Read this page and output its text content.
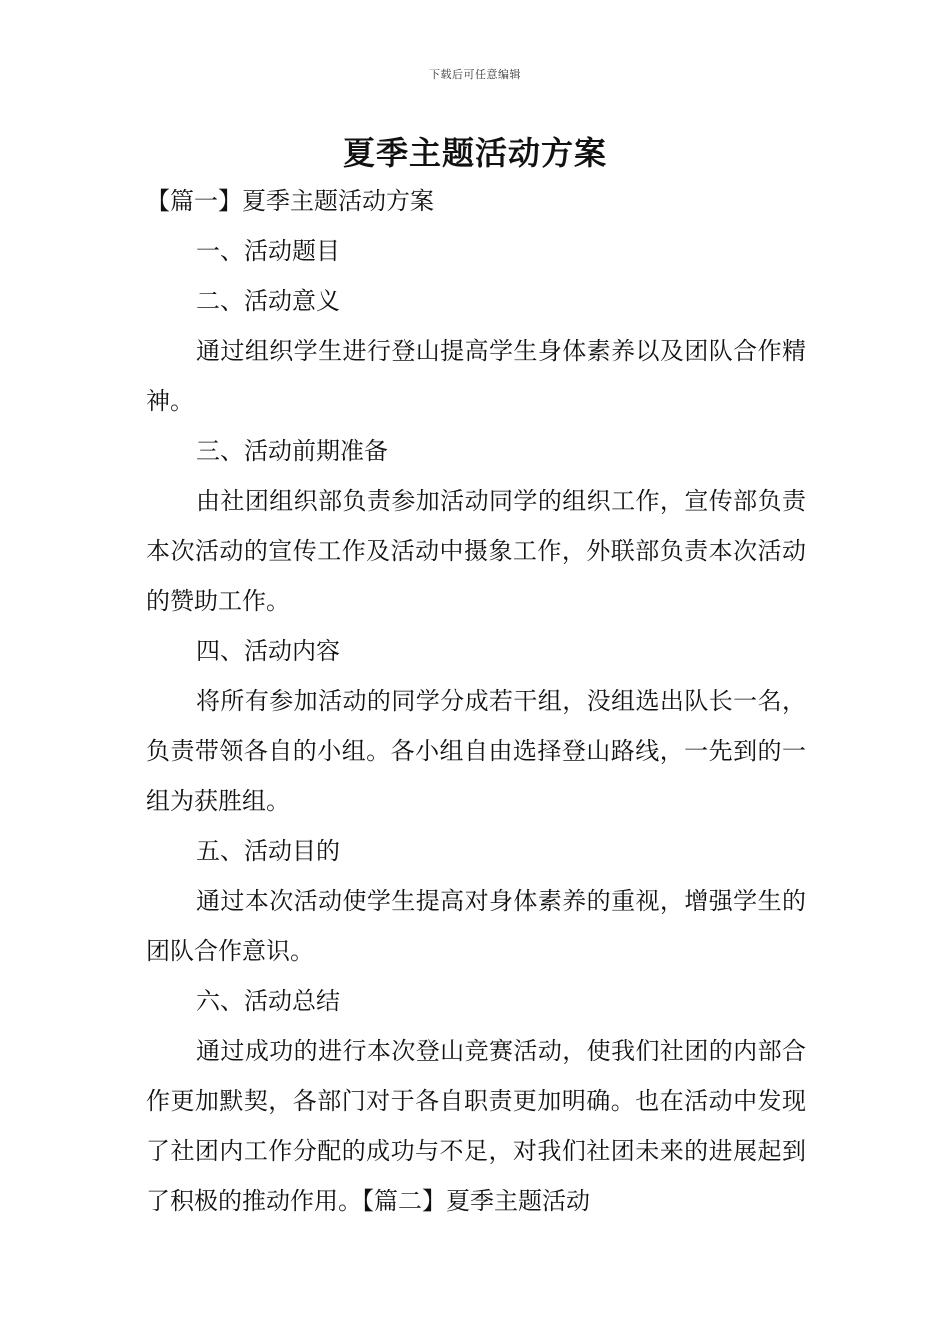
下载后可任意编辑
夏季主题活动方案

【篇一】夏季主题活动方案

一、活动题目

二、活动意义

通过组织学生进行登山提高学生身体素养以及团队合作精神。

三、活动前期准备

由社团组织部负责参加活动同学的组织工作，宣传部负责本次活动的宣传工作及活动中摄象工作，外联部负责本次活动的赞助工作。

四、活动内容

将所有参加活动的同学分成若干组，没组选出队长一名，负责带领各自的小组。各小组自由选择登山路线，一先到的一组为获胜组。

五、活动目的

通过本次活动使学生提高对身体素养的重视，增强学生的团队合作意识。

六、活动总结

通过成功的进行本次登山竞赛活动，使我们社团的内部合作更加默契，各部门对于各自职责更加明确。也在活动中发现了社团内工作分配的成功与不足，对我们社团未来的进展起到了积极的推动作用。【篇二】夏季主题活动
